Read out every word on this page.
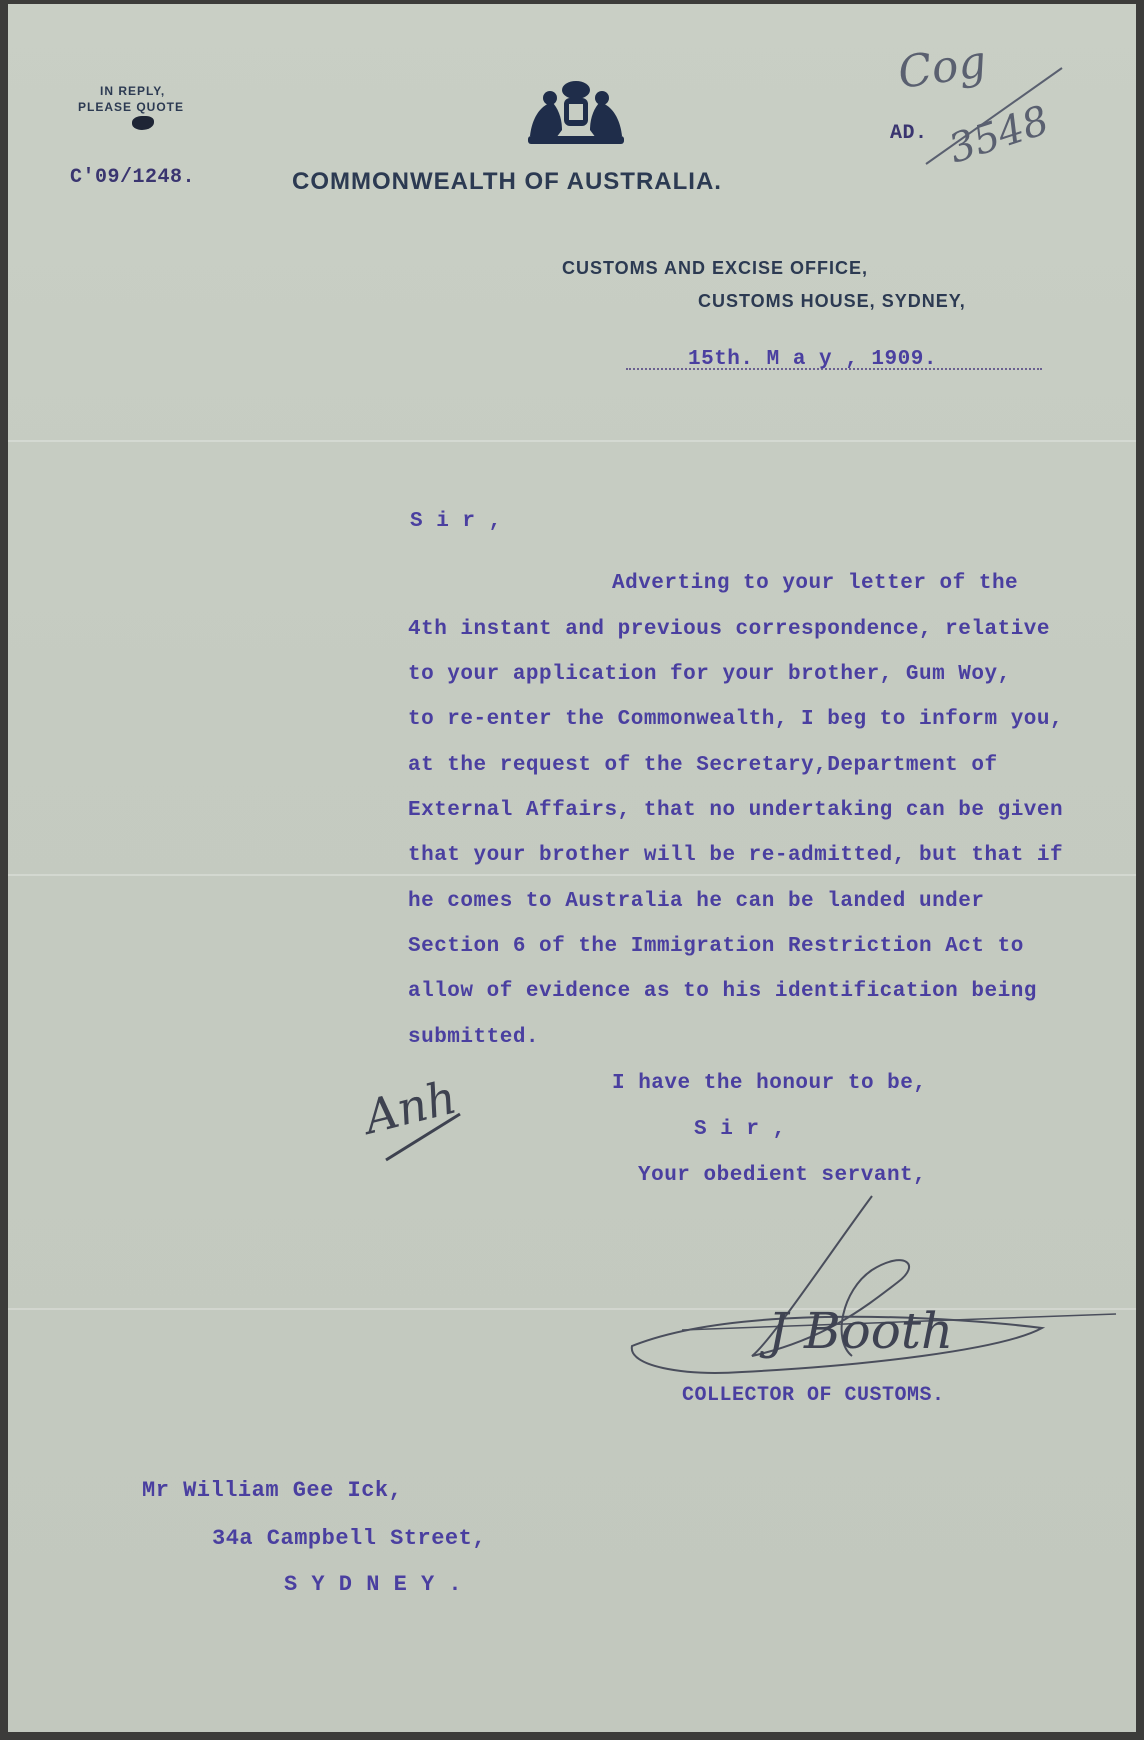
IN REPLY,
PLEASE QUOTE
C'09/1248.	COMMONWEALTH OF AUSTRALIA.
CUSTOMS AND EXCISE OFFICE,
CUSTOMS HOUSE, SYDNEY,
AD.
Cog
3548
15th. M a y , 1909.
S i r ,
Adverting to your letter of the
4th instant and previous correspondence, relative
to your application for your brother, Gum Woy,
to re-enter the Commonwealth, I beg to inform you,
at the request of the Secretary,Department of
External Affairs, that no undertaking can be given
that your brother will be re-admitted, but that if
he comes to Australia he can be landed under
Section 6 of the Immigration Restriction Act to
allow of evidence as to his identification being
submitted.
I have the honour to be,
S i r ,
Your obedient servant,
Anh
J Booth
COLLECTOR OF CUSTOMS.
Mr William Gee Ick,
34a Campbell Street,
S Y D N E Y .
